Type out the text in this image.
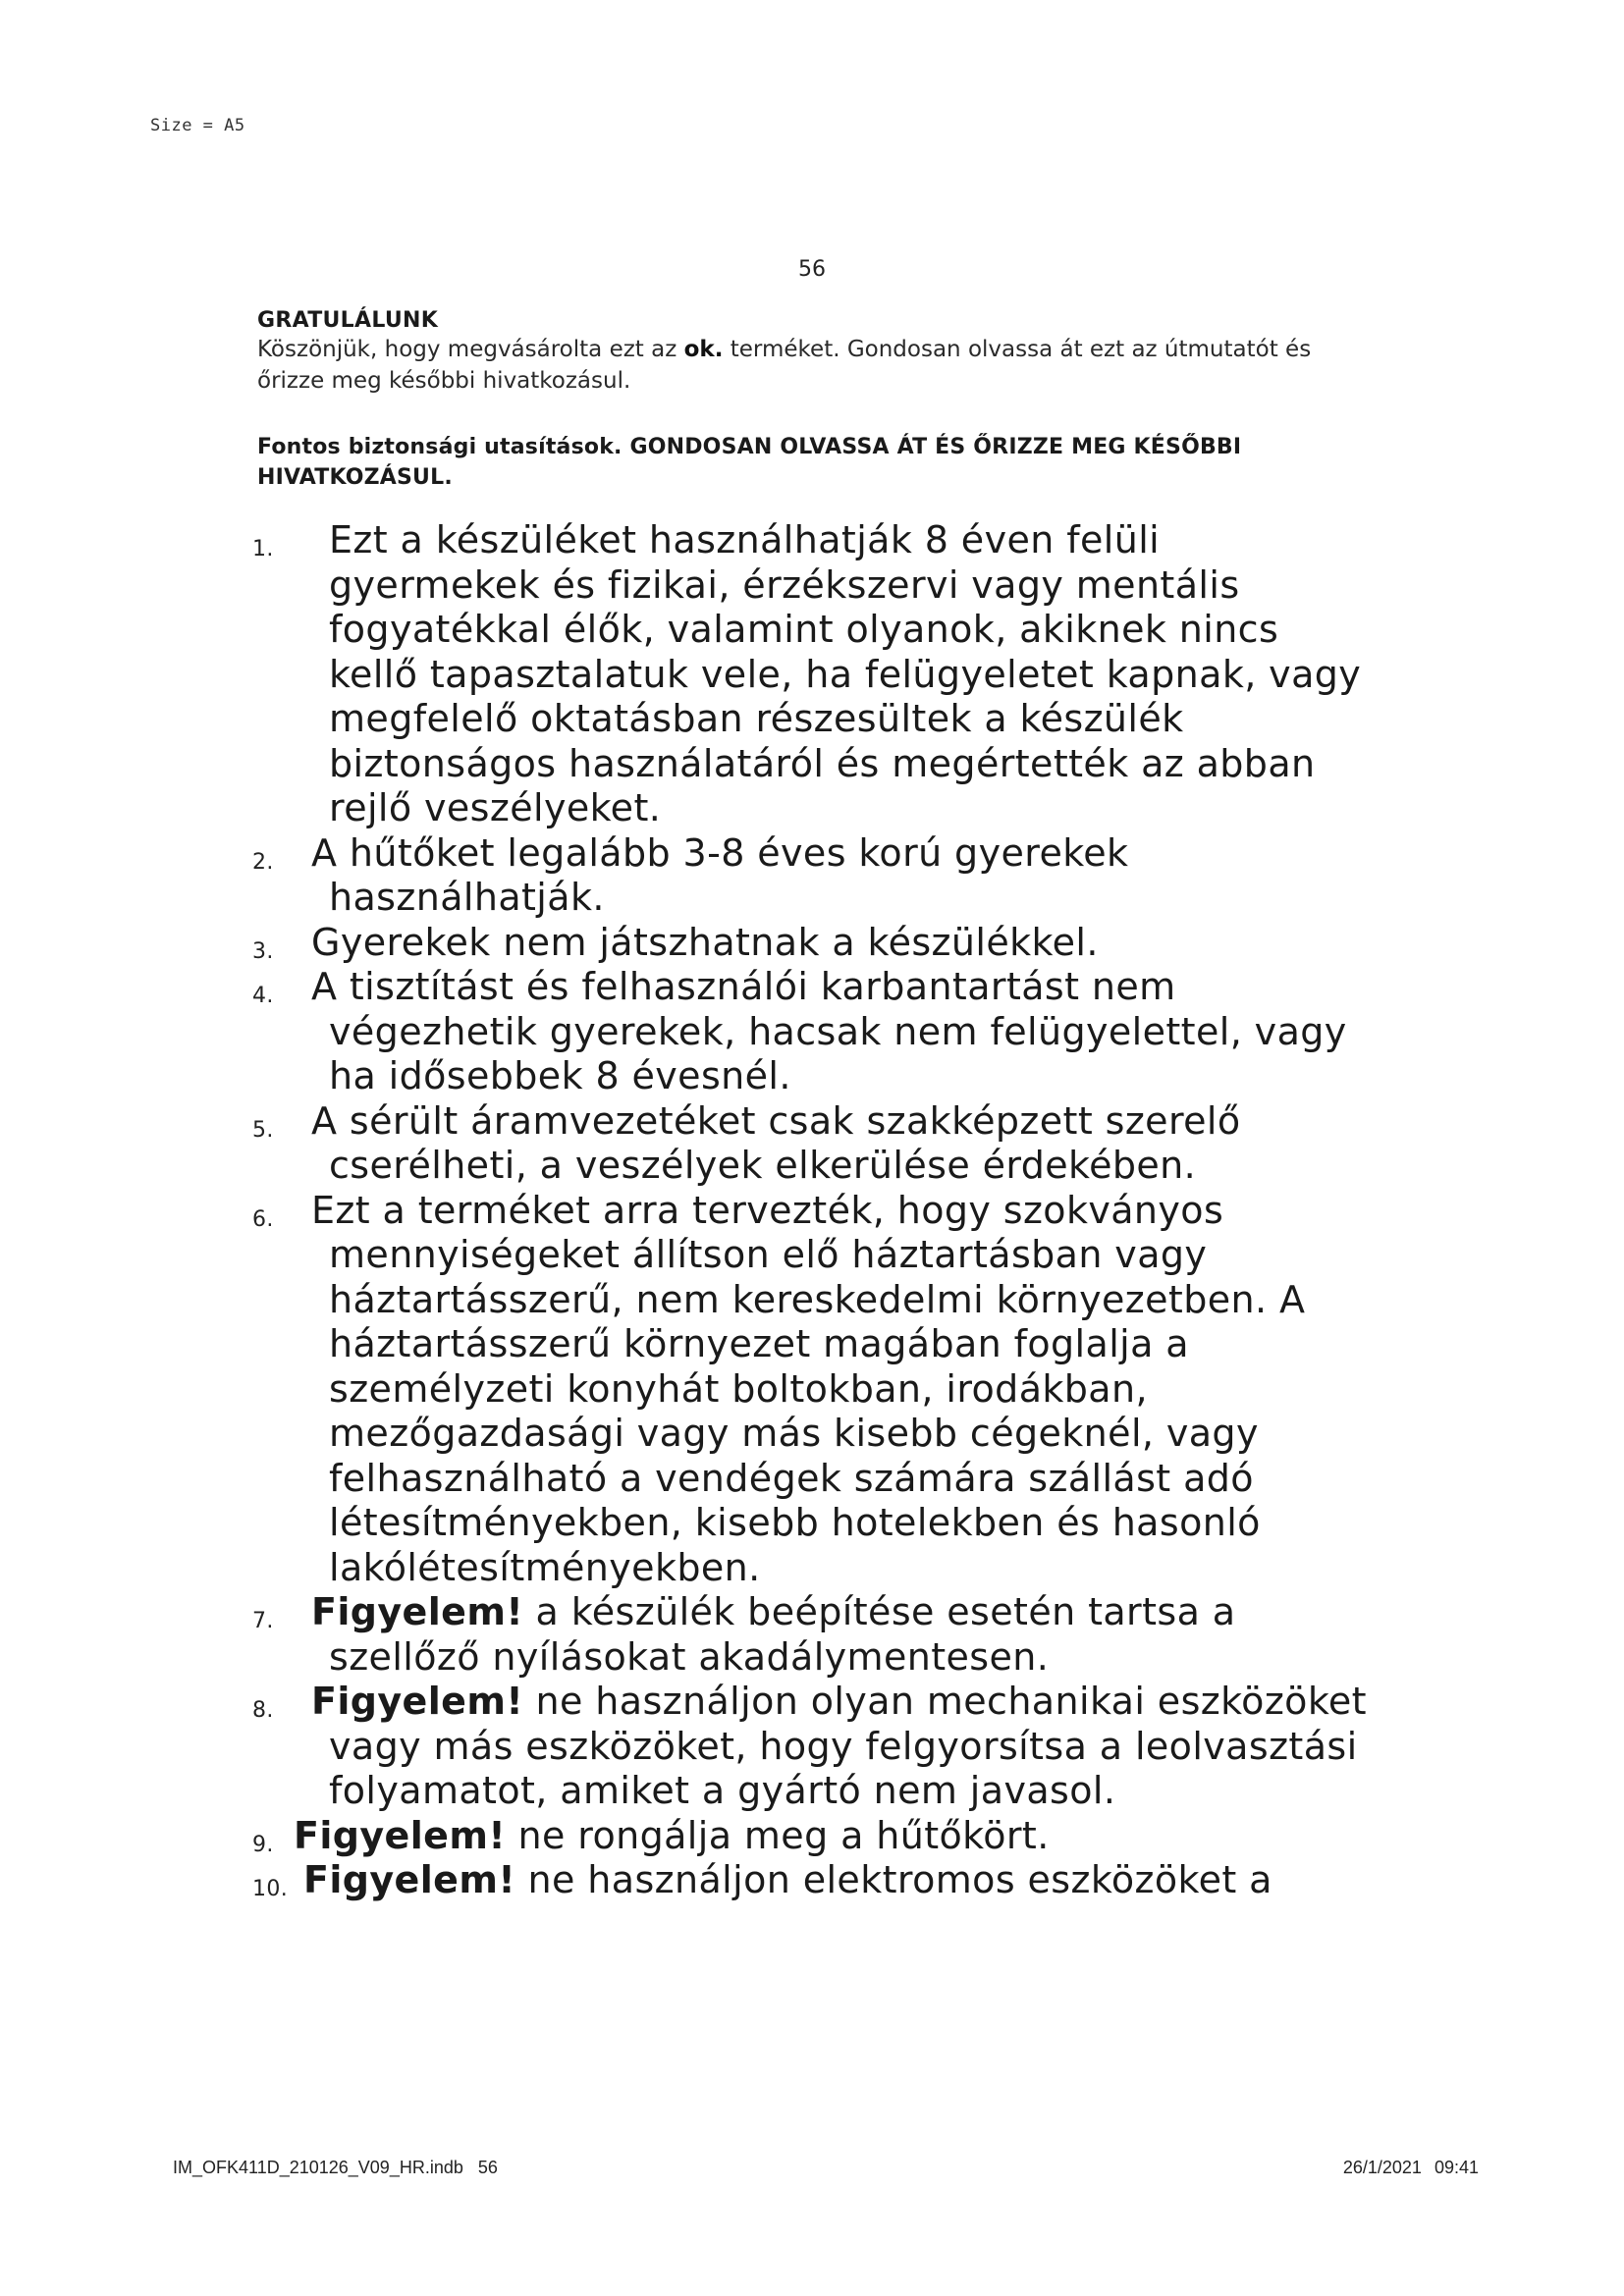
Size = A5
56
GRATULÁLUNK
Köszönjük, hogy megvásárolta ezt az ok. terméket. Gondosan olvassa át ezt az útmutatót és őrizze meg későbbi hivatkozásul.
Fontos biztonsági utasítások. GONDOSAN OLVASSA ÁT ÉS ŐRIZZE MEG KÉSŐBBI HIVATKOZÁSUL.
1.	Ezt a készüléket használhatják 8 éven felüli gyermekek és fizikai, érzékszervi vagy mentális fogyatékkal élők, valamint olyanok, akiknek nincs kellő tapasztalatuk vele, ha felügyeletet kapnak, vagy megfelelő oktatásban részesültek a készülék biztonságos használatáról és megértették az abban rejlő veszélyeket.
2.	A hűtőket legalább 3-8 éves korú gyerekek használhatják.
3.	Gyerekek nem játszhatnak a készülékkel.
4.	A tisztítást és felhasználói karbantartást nem végezhetik gyerekek, hacsak nem felügyelettel, vagy ha idősebbek 8 évesnél.
5.	A sérült áramvezetéket csak szakképzett szerelő cserélheti, a veszélyek elkerülése érdekében.
6.	Ezt a terméket arra tervezték, hogy szokványos mennyiségeket állítson elő háztartásban vagy háztartásszerű, nem kereskedelmi környezetben. A háztartásszerű környezet magában foglalja a személyzeti konyhát boltokban, irodákban, mezőgazdasági vagy más kisebb cégeknél, vagy felhasználható a vendégek számára szállást adó létesítményekben, kisebb hotelekben és hasonló lakólétesítményekben.
7.	Figyelem! a készülék beépítése esetén tartsa a szellőző nyílásokat akadálymentesen.
8.	Figyelem! ne használjon olyan mechanikai eszközöket vagy más eszközöket, hogy felgyorsítsa a leolvasztási folyamatot, amiket a gyártó nem javasol.
9. Figyelem! ne rongálja meg a hűtőkört.
10. Figyelem! ne használjon elektromos eszközöket a
IM_OFK411D_210126_V09_HR.indb   56	26/1/2021 09:41
